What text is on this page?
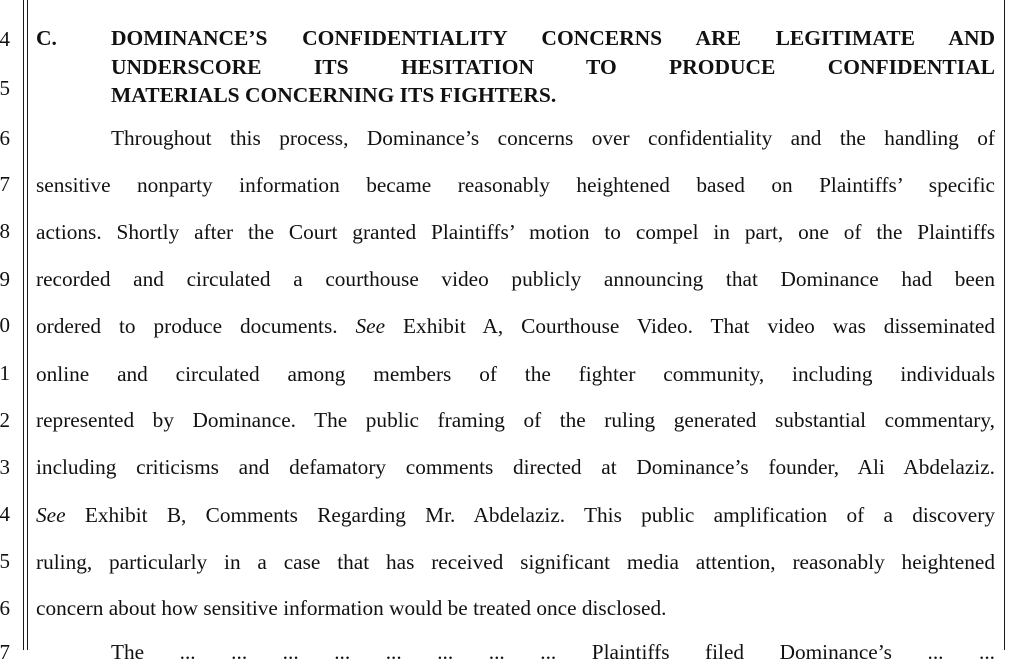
4
5
6
7
8
9
0
1
2
3
4
5
6
7
C.	DOMINANCE’S CONFIDENTIALITY CONCERNS ARE LEGITIMATE AND
UNDERSCORE ITS HESITATION TO PRODUCE CONFIDENTIAL
MATERIALS CONCERNING ITS FIGHTERS.
Throughout this process, Dominance’s concerns over confidentiality and the handling of
sensitive nonparty information became reasonably heightened based on Plaintiffs’ specific
actions. Shortly after the Court granted Plaintiffs’ motion to compel in part, one of the Plaintiffs
recorded and circulated a courthouse video publicly announcing that Dominance had been
ordered to produce documents. See Exhibit A, Courthouse Video. That video was disseminated
online and circulated among members of the fighter community, including individuals
represented by Dominance. The public framing of the ruling generated substantial commentary,
including criticisms and defamatory comments directed at Dominance’s founder, Ali Abdelaziz.
See Exhibit B, Comments Regarding Mr. Abdelaziz. This public amplification of a discovery
ruling, particularly in a case that has received significant media attention, reasonably heightened
concern about how sensitive information would be treated once disclosed.
The ... ... ... ... ... ... ... ... Plaintiffs filed Dominance’s ... ...
